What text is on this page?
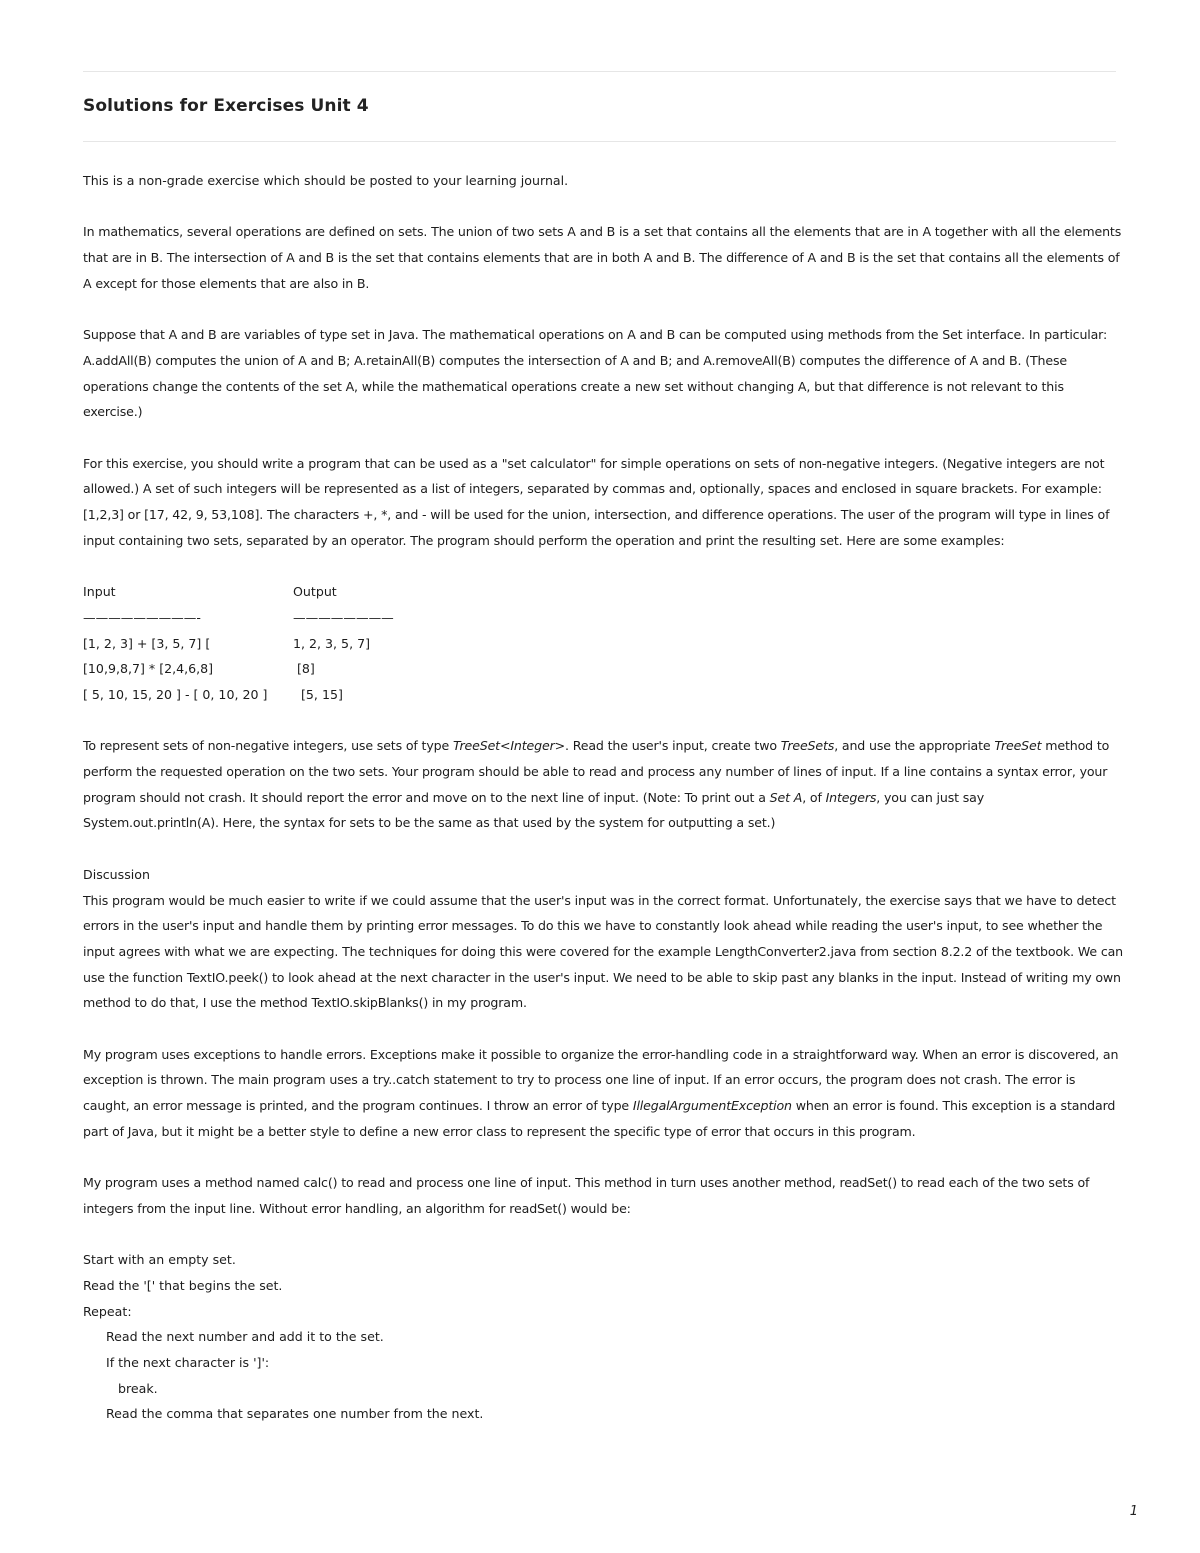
Solutions for Exercises Unit 4

This is a non-grade exercise which should be posted to your learning journal.

In mathematics, several operations are defined on sets. The union of two sets A and B is a set that contains all the elements that are in A together with all the elements that are in B. The intersection of A and B is the set that contains elements that are in both A and B. The difference of A and B is the set that contains all the elements of A except for those elements that are also in B.

Suppose that A and B are variables of type set in Java. The mathematical operations on A and B can be computed using methods from the Set interface. In particular: A.addAll(B) computes the union of A and B; A.retainAll(B) computes the intersection of A and B; and A.removeAll(B) computes the difference of A and B. (These operations change the contents of the set A, while the mathematical operations create a new set without changing A, but that difference is not relevant to this exercise.)

For this exercise, you should write a program that can be used as a "set calculator" for simple operations on sets of non-negative integers. (Negative integers are not allowed.) A set of such integers will be represented as a list of integers, separated by commas and, optionally, spaces and enclosed in square brackets. For example: [1,2,3] or [17, 42, 9, 53,108]. The characters +, *, and - will be used for the union, intersection, and difference operations. The user of the program will type in lines of input containing two sets, separated by an operator. The program should perform the operation and print the resulting set. Here are some examples:

Input	Output
—————————-	————————
[1, 2, 3] + [3, 5, 7] [	1, 2, 3, 5, 7]
[10,9,8,7] * [2,4,6,8]	[8]
[ 5, 10, 15, 20 ] - [ 0, 10, 20 ]	[5, 15]

To represent sets of non-negative integers, use sets of type TreeSet<Integer>. Read the user's input, create two TreeSets, and use the appropriate TreeSet method to perform the requested operation on the two sets. Your program should be able to read and process any number of lines of input. If a line contains a syntax error, your program should not crash. It should report the error and move on to the next line of input. (Note: To print out a Set A, of Integers, you can just say System.out.println(A). Here, the syntax for sets to be the same as that used by the system for outputting a set.)

Discussion

This program would be much easier to write if we could assume that the user's input was in the correct format. Unfortunately, the exercise says that we have to detect errors in the user's input and handle them by printing error messages. To do this we have to constantly look ahead while reading the user's input, to see whether the input agrees with what we are expecting. The techniques for doing this were covered for the example LengthConverter2.java from section 8.2.2 of the textbook. We can use the function TextIO.peek() to look ahead at the next character in the user's input. We need to be able to skip past any blanks in the input. Instead of writing my own method to do that, I use the method TextIO.skipBlanks() in my program.

My program uses exceptions to handle errors. Exceptions make it possible to organize the error-handling code in a straightforward way. When an error is discovered, an exception is thrown. The main program uses a try..catch statement to try to process one line of input. If an error occurs, the program does not crash. The error is caught, an error message is printed, and the program continues. I throw an error of type IllegalArgumentException when an error is found. This exception is a standard part of Java, but it might be a better style to define a new error class to represent the specific type of error that occurs in this program.

My program uses a method named calc() to read and process one line of input. This method in turn uses another method, readSet() to read each of the two sets of integers from the input line. Without error handling, an algorithm for readSet() would be:

Start with an empty set.
Read the '[' that begins the set.
Repeat:
Read the next number and add it to the set.
If the next character is ']':
break.
Read the comma that separates one number from the next.
1
